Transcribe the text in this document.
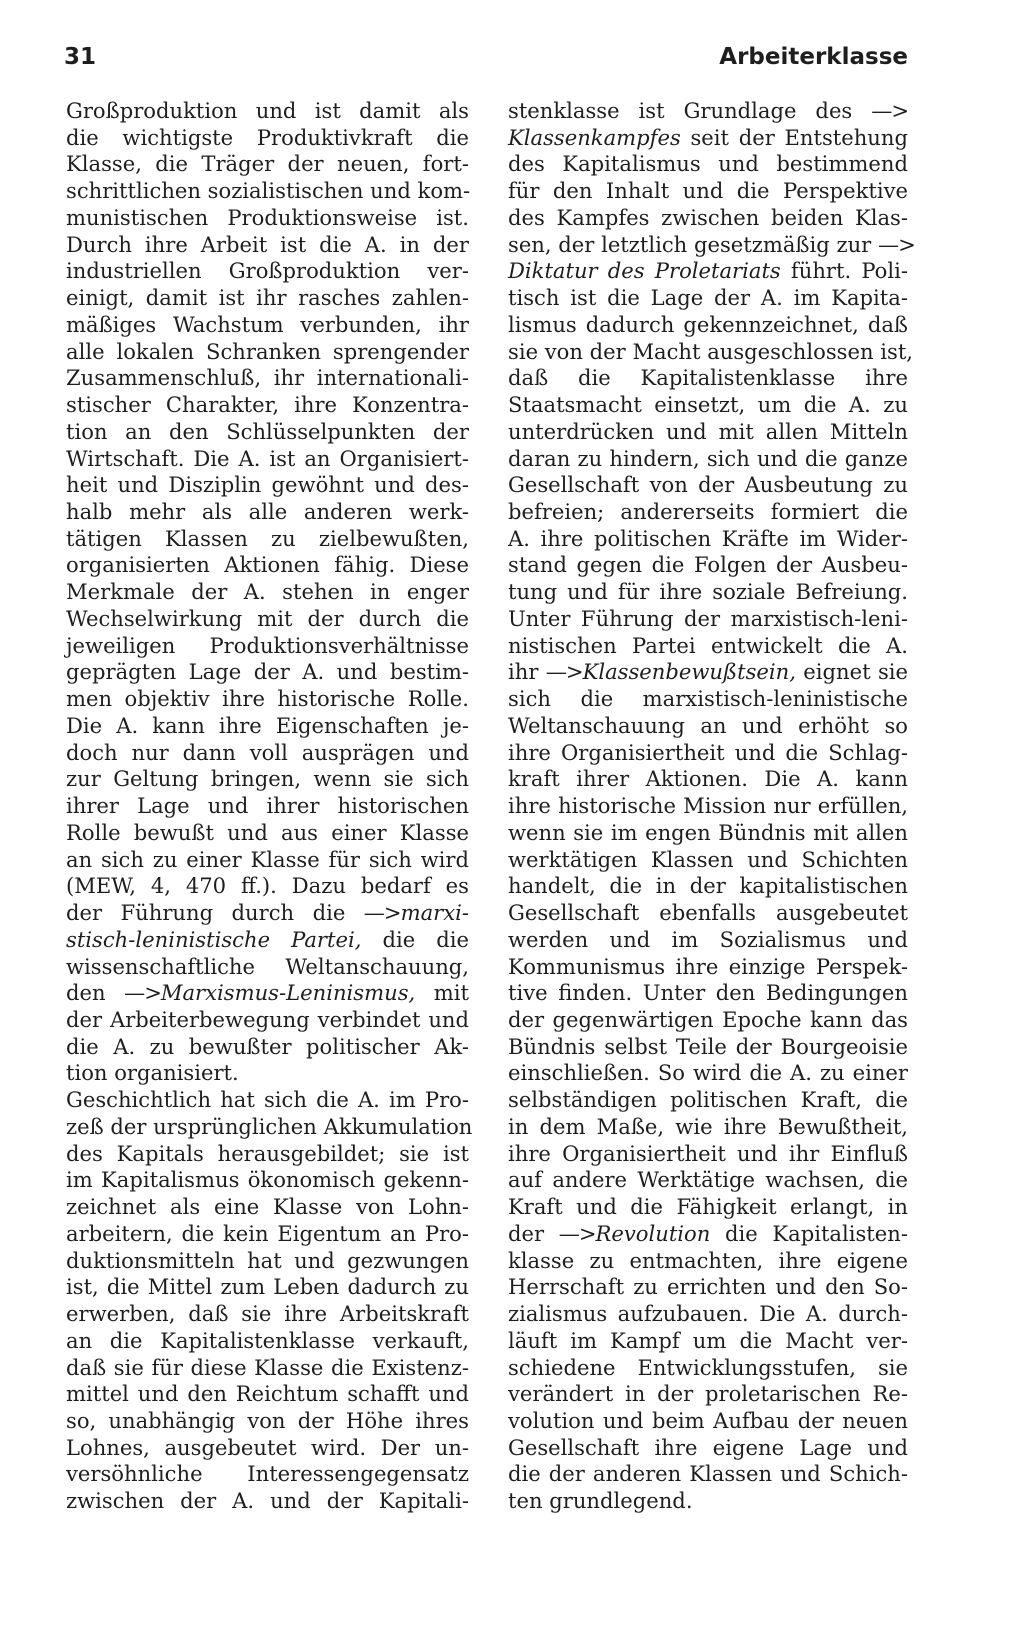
31	Arbeiterklasse
Großproduktion und ist damit als
die wichtigste Produktivkraft die
Klasse, die Träger der neuen, fort-
schrittlichen sozialistischen und kom-
munistischen Produktionsweise ist.
Durch ihre Arbeit ist die A. in der
industriellen Großproduktion ver-
einigt, damit ist ihr rasches zahlen-
mäßiges Wachstum verbunden, ihr
alle lokalen Schranken sprengender
Zusammenschluß, ihr internationali-
stischer Charakter, ihre Konzentra-
tion an den Schlüsselpunkten der
Wirtschaft. Die A. ist an Organisiert-
heit und Disziplin gewöhnt und des-
halb mehr als alle anderen werk-
tätigen Klassen zu zielbewußten,
organisierten Aktionen fähig. Diese
Merkmale der A. stehen in enger
Wechselwirkung mit der durch die
jeweiligen Produktionsverhältnisse
geprägten Lage der A. und bestim-
men objektiv ihre historische Rolle.
Die A. kann ihre Eigenschaften je-
doch nur dann voll ausprägen und
zur Geltung bringen, wenn sie sich
ihrer Lage und ihrer historischen
Rolle bewußt und aus einer Klasse
an sich zu einer Klasse für sich wird
(MEW, 4, 470 ff.). Dazu bedarf es
der Führung durch die —>marxi-
stisch-leninistische Partei, die die
wissenschaftliche Weltanschauung,
den —>Marxismus-Leninismus, mit
der Arbeiterbewegung verbindet und
die A. zu bewußter politischer Ak-
tion organisiert.
Geschichtlich hat sich die A. im Pro-
zeß der ursprünglichen Akkumulation
des Kapitals herausgebildet; sie ist
im Kapitalismus ökonomisch gekenn-
zeichnet als eine Klasse von Lohn-
arbeitern, die kein Eigentum an Pro-
duktionsmitteln hat und gezwungen
ist, die Mittel zum Leben dadurch zu
erwerben, daß sie ihre Arbeitskraft
an die Kapitalistenklasse verkauft,
daß sie für diese Klasse die Existenz-
mittel und den Reichtum schafft und
so, unabhängig von der Höhe ihres
Lohnes, ausgebeutet wird. Der un-
versöhnliche Interessengegensatz
zwischen der A. und der Kapitali-
stenklasse ist Grundlage des —>
Klassenkampfes seit der Entstehung
des Kapitalismus und bestimmend
für den Inhalt und die Perspektive
des Kampfes zwischen beiden Klas-
sen, der letztlich gesetzmäßig zur —>
Diktatur des Proletariats führt. Poli-
tisch ist die Lage der A. im Kapita-
lismus dadurch gekennzeichnet, daß
sie von der Macht ausgeschlossen ist,
daß die Kapitalistenklasse ihre
Staatsmacht einsetzt, um die A. zu
unterdrücken und mit allen Mitteln
daran zu hindern, sich und die ganze
Gesellschaft von der Ausbeutung zu
befreien; andererseits formiert die
A. ihre politischen Kräfte im Wider-
stand gegen die Folgen der Ausbeu-
tung und für ihre soziale Befreiung.
Unter Führung der marxistisch-leni-
nistischen Partei entwickelt die A.
ihr —>Klassenbewußtsein, eignet sie
sich die marxistisch-leninistische
Weltanschauung an und erhöht so
ihre Organisiertheit und die Schlag-
kraft ihrer Aktionen. Die A. kann
ihre historische Mission nur erfüllen,
wenn sie im engen Bündnis mit allen
werktätigen Klassen und Schichten
handelt, die in der kapitalistischen
Gesellschaft ebenfalls ausgebeutet
werden und im Sozialismus und
Kommunismus ihre einzige Perspek-
tive finden. Unter den Bedingungen
der gegenwärtigen Epoche kann das
Bündnis selbst Teile der Bourgeoisie
einschließen. So wird die A. zu einer
selbständigen politischen Kraft, die
in dem Maße, wie ihre Bewußtheit,
ihre Organisiertheit und ihr Einfluß
auf andere Werktätige wachsen, die
Kraft und die Fähigkeit erlangt, in
der —>Revolution die Kapitalisten-
klasse zu entmachten, ihre eigene
Herrschaft zu errichten und den So-
zialismus aufzubauen. Die A. durch-
läuft im Kampf um die Macht ver-
schiedene Entwicklungsstufen, sie
verändert in der proletarischen Re-
volution und beim Aufbau der neuen
Gesellschaft ihre eigene Lage und
die der anderen Klassen und Schich-
ten grundlegend.
